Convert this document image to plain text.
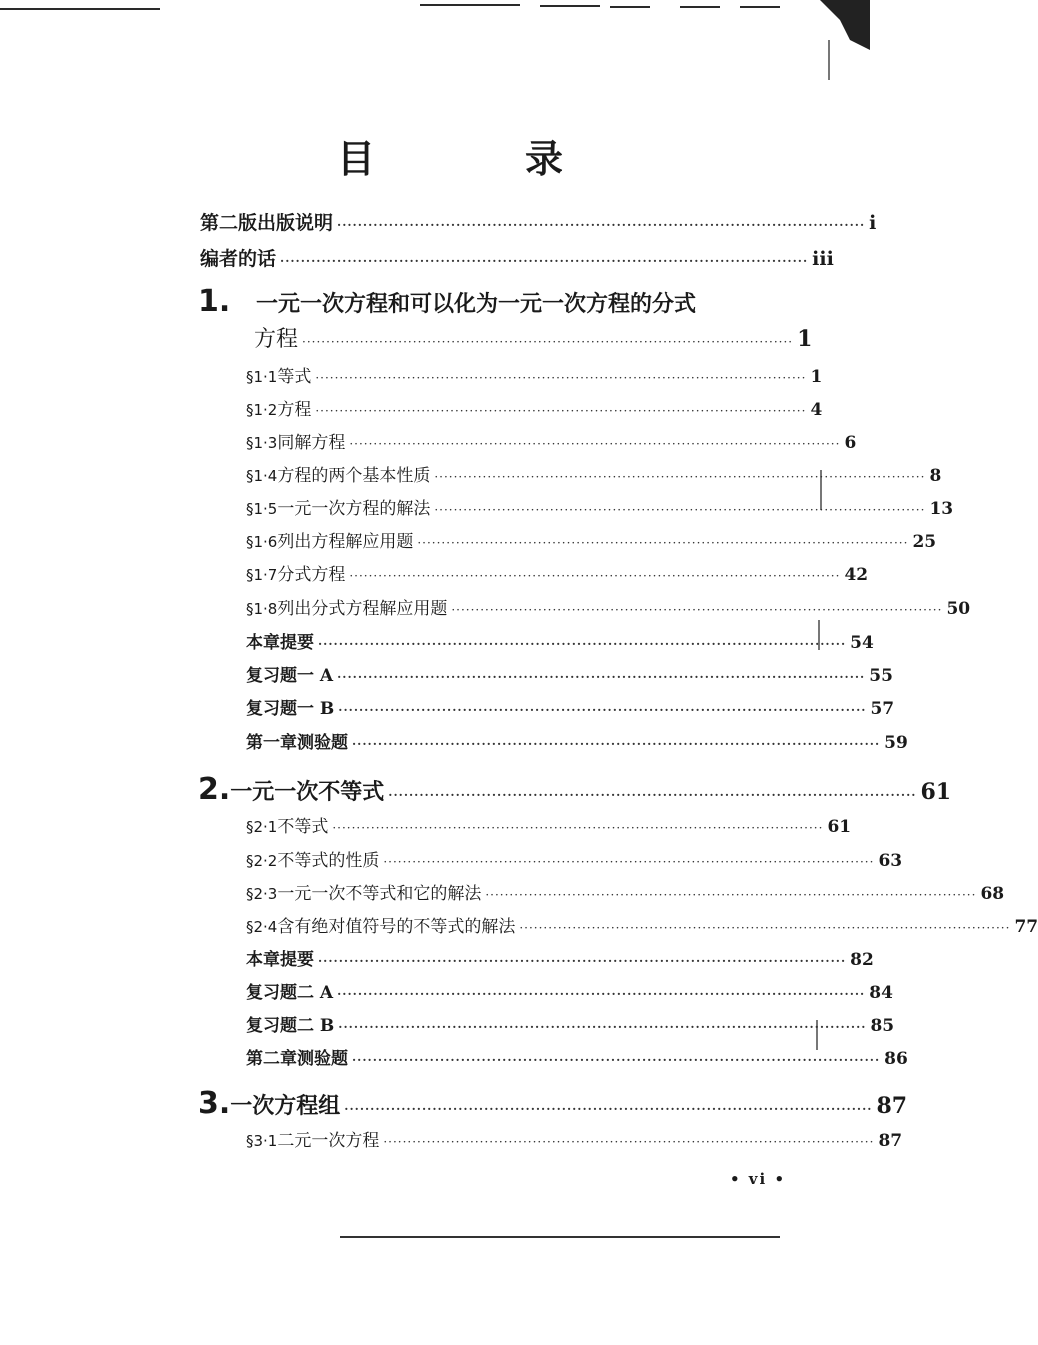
目　录
第二版出版说明 ······································································································ i
编者的话 ······································································································ iii
1.	一元一次方程和可以化为一元一次方程的分式
方程 ······································································································ 1
§1·1 等式 ······································································································ 1
§1·2 方程 ······································································································ 4
§1·3 同解方程 ······································································································ 6
§1·4 方程的两个基本性质 ······································································································ 8
§1·5 一元一次方程的解法 ······································································································ 13
§1·6 列出方程解应用题 ······································································································ 25
§1·7 分式方程 ······································································································ 42
§1·8 列出分式方程解应用题 ······································································································ 50
本章提要 ······································································································ 54
复习题一 A ······································································································ 55
复习题一 B ······································································································ 57
第一章测验题 ······································································································ 59
2. 一元一次不等式 ······································································································ 61
§2·1 不等式 ······································································································ 61
§2·2 不等式的性质 ······································································································ 63
§2·3 一元一次不等式和它的解法 ······································································································ 68
§2·4 含有绝对值符号的不等式的解法 ······································································································ 77
本章提要 ······································································································ 82
复习题二 A ······································································································ 84
复习题二 B ······································································································ 85
第二章测验题 ······································································································ 86
3. 一次方程组 ······································································································ 87
§3·1 二元一次方程 ······································································································ 87
• vi •
